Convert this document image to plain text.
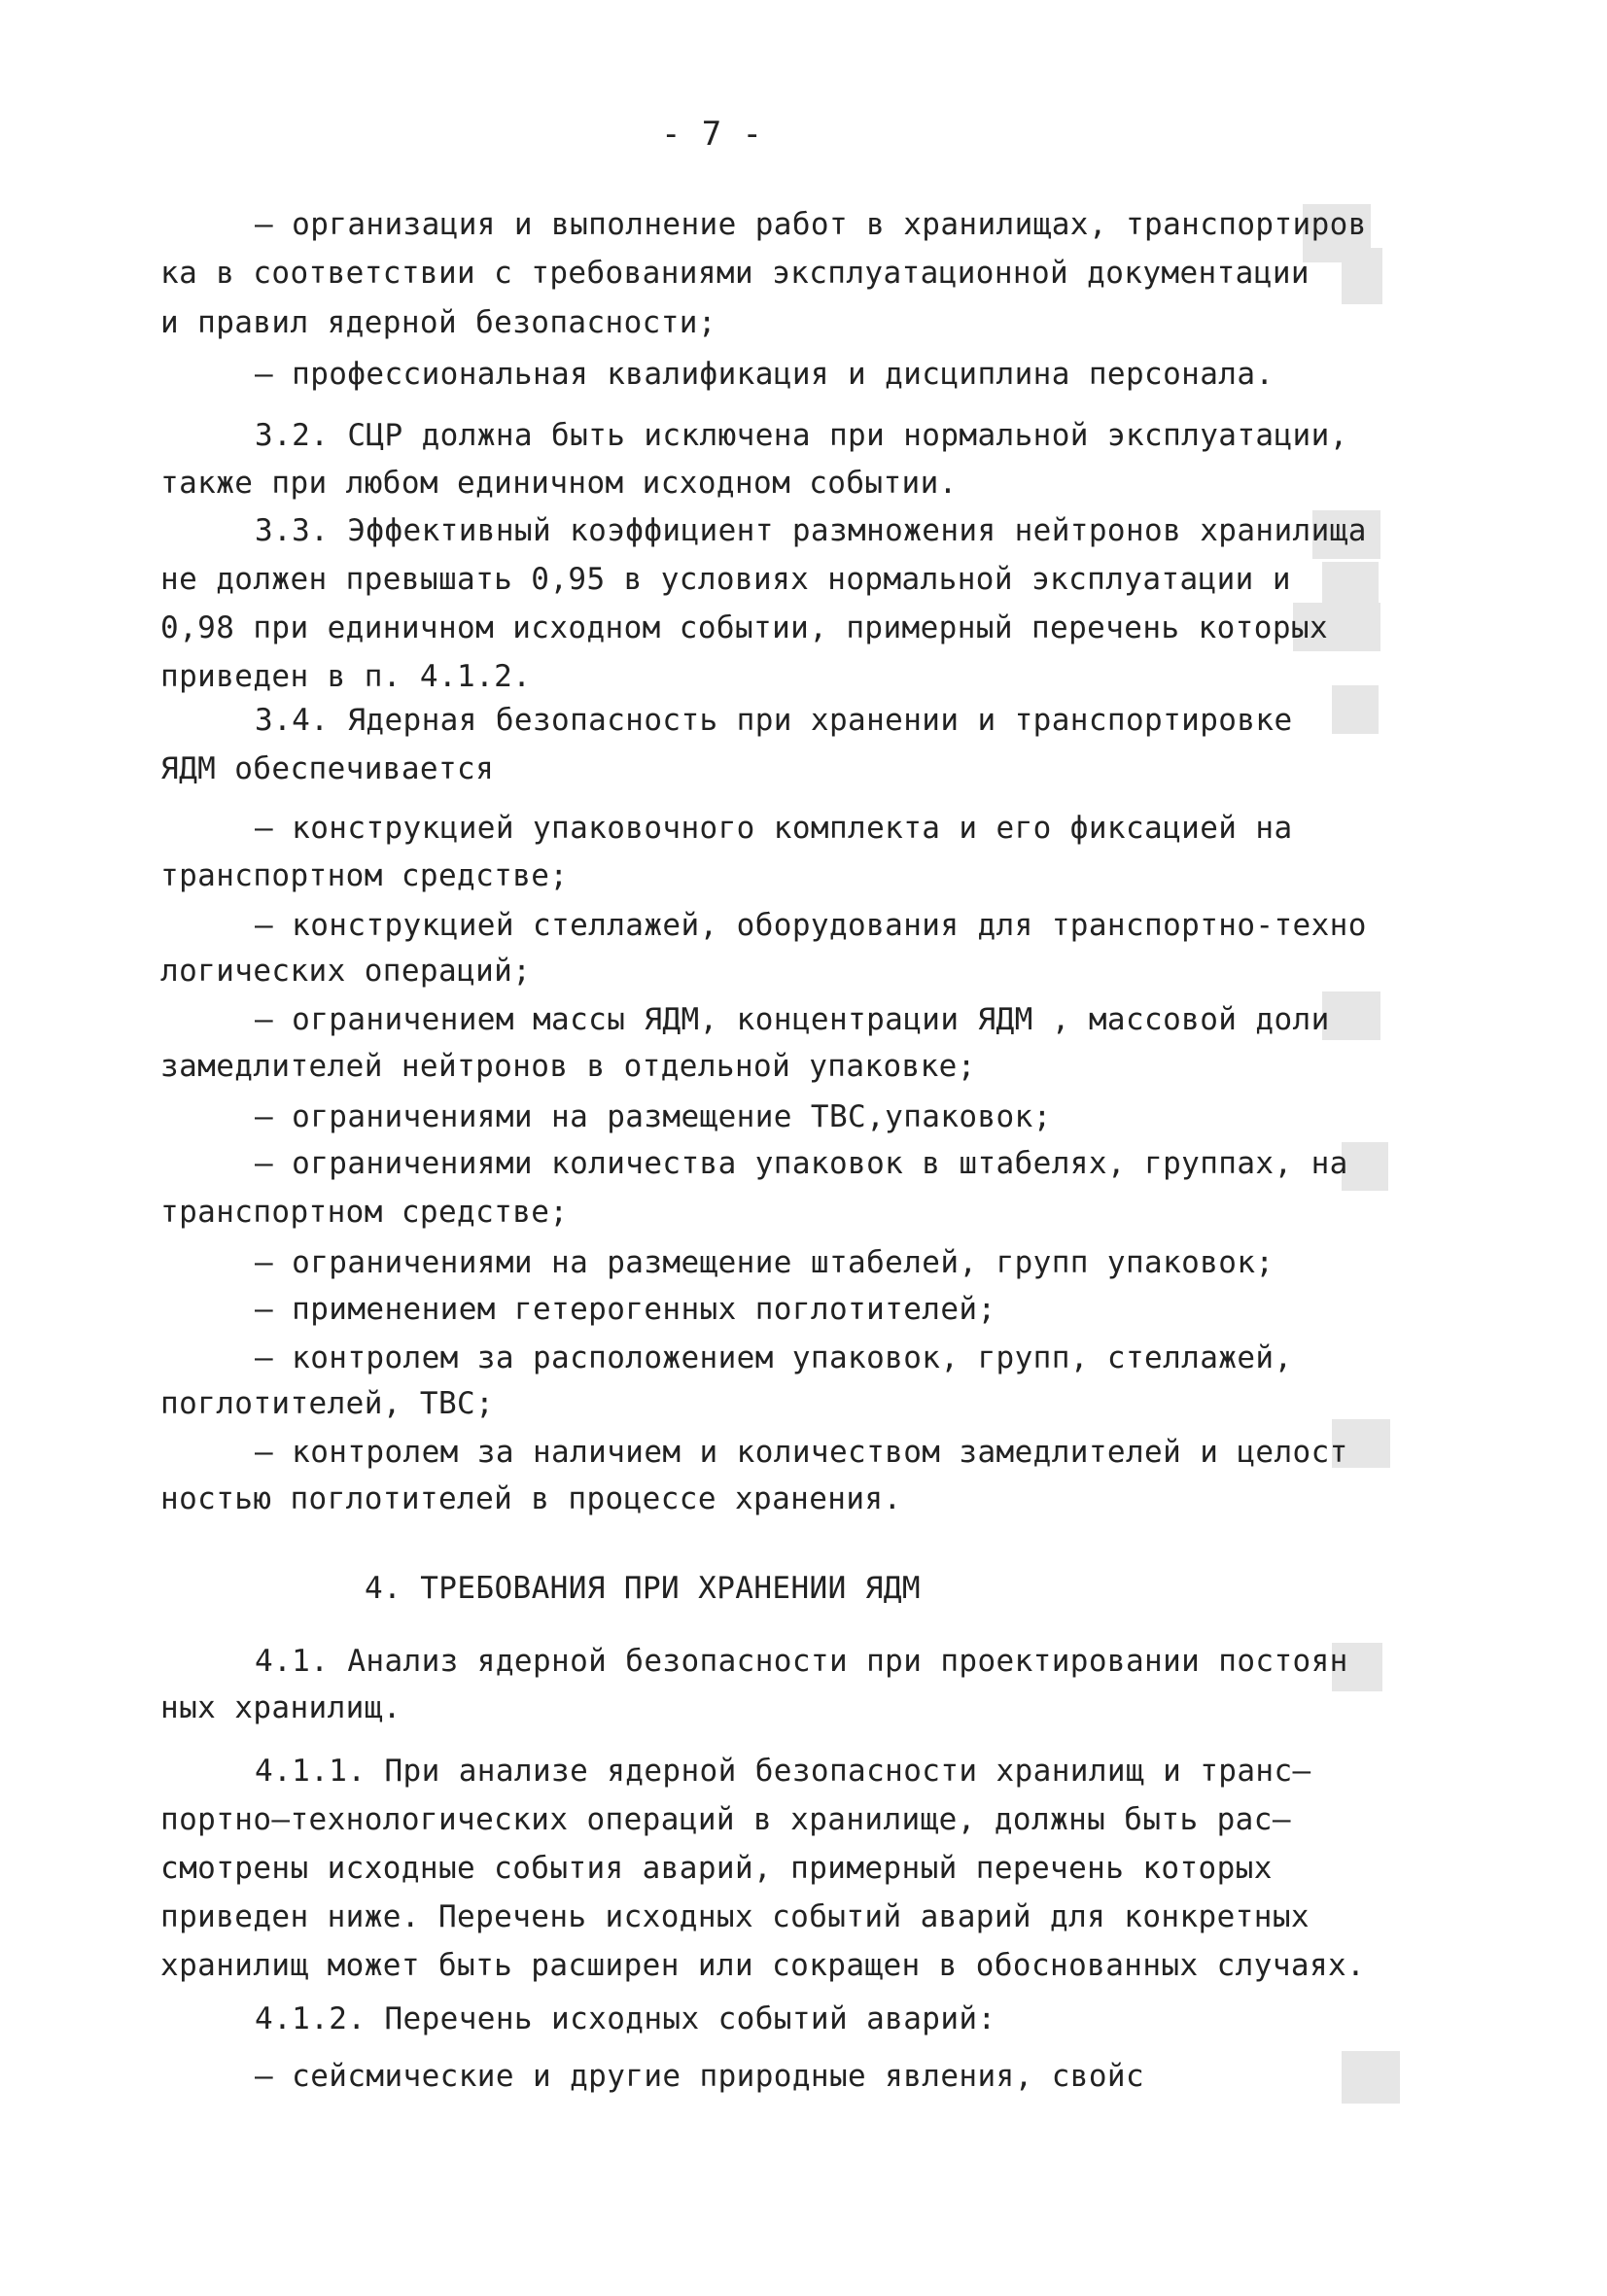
- 7 -
– организация и выполнение работ в хранилищах, транспортиров
ка в соответствии с требованиями эксплуатационной документации
и правил ядерной безопасности;
– профессиональная квалификация и дисциплина персонала.
3.2. СЦР должна быть исключена при нормальной эксплуатации,
также при любом единичном исходном событии.
3.3. Эффективный коэффициент размножения нейтронов хранилища
не должен превышать 0,95 в условиях нормальной эксплуатации и
0,98 при единичном исходном событии, примерный перечень которых
приведен в п. 4.1.2.
3.4. Ядерная безопасность при хранении и транспортировке
ЯДМ обеспечивается
– конструкцией упаковочного комплекта и его фиксацией на
транспортном средстве;
– конструкцией стеллажей, оборудования для транспортно-техно
логических операций;
– ограничением массы ЯДМ, концентрации ЯДМ , массовой доли
замедлителей нейтронов в отдельной упаковке;
– ограничениями на размещение ТВС,упаковок;
– ограничениями количества упаковок в штабелях, группах, на
транспортном средстве;
– ограничениями на размещение штабелей, групп упаковок;
– применением гетерогенных поглотителей;
– контролем за расположением упаковок, групп, стеллажей,
поглотителей, ТВС;
– контролем за наличием и количеством замедлителей и целост
ностью поглотителей в процессе хранения.
4. ТРЕБОВАНИЯ ПРИ ХРАНЕНИИ ЯДМ
4.1. Анализ ядерной безопасности при проектировании постоян
ных хранилищ.
4.1.1. При анализе ядерной безопасности хранилищ и транс–
портно–технологических операций в хранилище, должны быть рас–
смотрены исходные события аварий, примерный перечень которых
приведен ниже. Перечень исходных событий аварий для конкретных
хранилищ может быть расширен или сокращен в обоснованных случаях.
4.1.2. Перечень исходных событий аварий:
– сейсмические и другие природные явления, свойс
